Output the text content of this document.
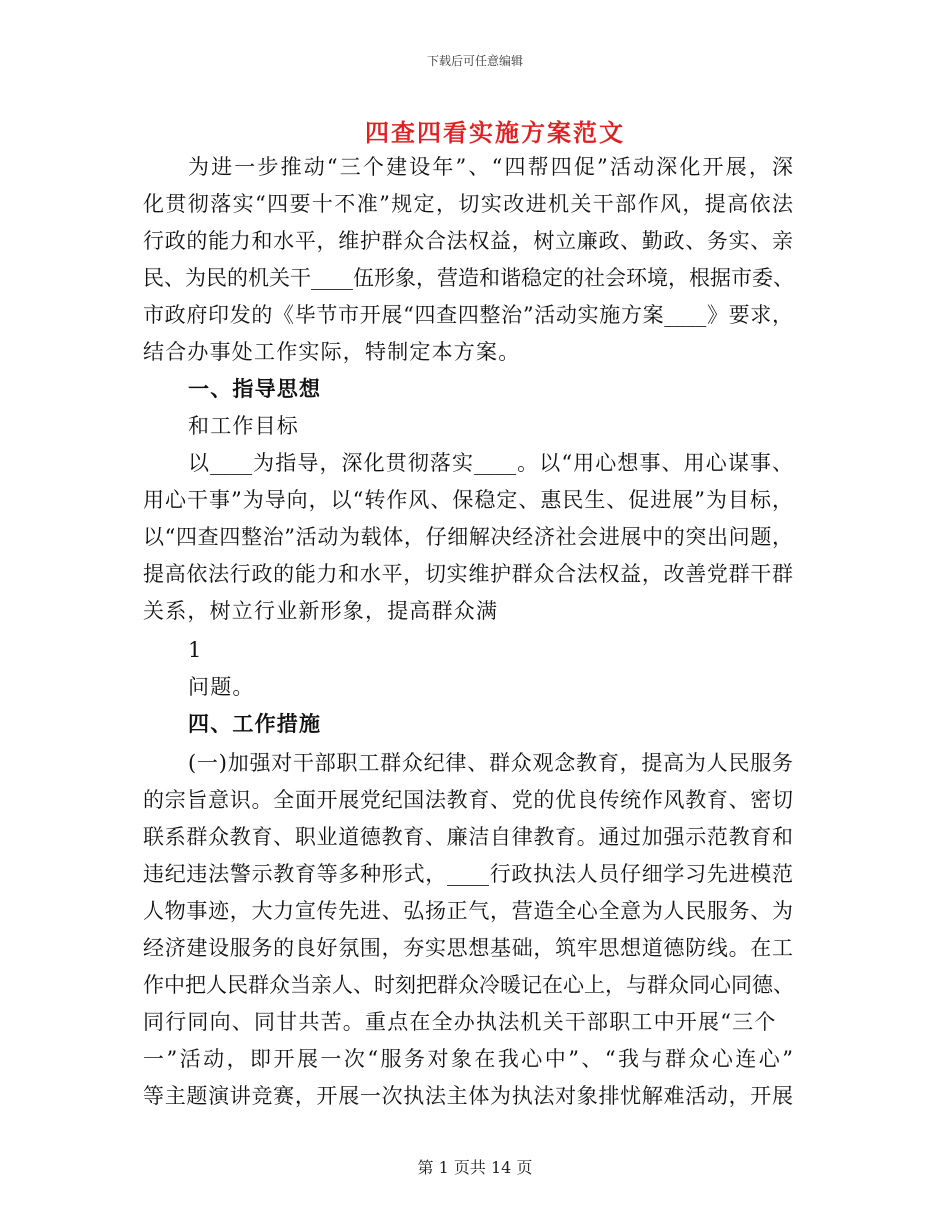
下载后可任意编辑
四查四看实施方案范文
为进一步推动“三个建设年”、“四帮四促”活动深化开展，深
化贯彻落实“四要十不准”规定，切实改进机关干部作风，提高依法
行政的能力和水平，维护群众合法权益，树立廉政、勤政、务实、亲
民、为民的机关干____伍形象，营造和谐稳定的社会环境，根据市委、
市政府印发的《毕节市开展“四查四整治”活动实施方案____》要求，
结合办事处工作实际，特制定本方案。
一、指导思想
和工作目标
以____为指导，深化贯彻落实____。以“用心想事、用心谋事、
用心干事”为导向，以“转作风、保稳定、惠民生、促进展”为目标，
以“四查四整治”活动为载体，仔细解决经济社会进展中的突出问题，
提高依法行政的能力和水平，切实维护群众合法权益，改善党群干群
关系，树立行业新形象，提高群众满
1
问题。
四、工作措施
(一)加强对干部职工群众纪律、群众观念教育，提高为人民服务
的宗旨意识。全面开展党纪国法教育、党的优良传统作风教育、密切
联系群众教育、职业道德教育、廉洁自律教育。通过加强示范教育和
违纪违法警示教育等多种形式，____行政执法人员仔细学习先进模范
人物事迹，大力宣传先进、弘扬正气，营造全心全意为人民服务、为
经济建设服务的良好氛围，夯实思想基础，筑牢思想道德防线。在工
作中把人民群众当亲人、时刻把群众冷暖记在心上，与群众同心同德、
同行同向、同甘共苦。重点在全办执法机关干部职工中开展“三个
一”活动，即开展一次“服务对象在我心中”、“我与群众心连心”
等主题演讲竞赛，开展一次执法主体为执法对象排忧解难活动，开展
第 1 页共 14 页
